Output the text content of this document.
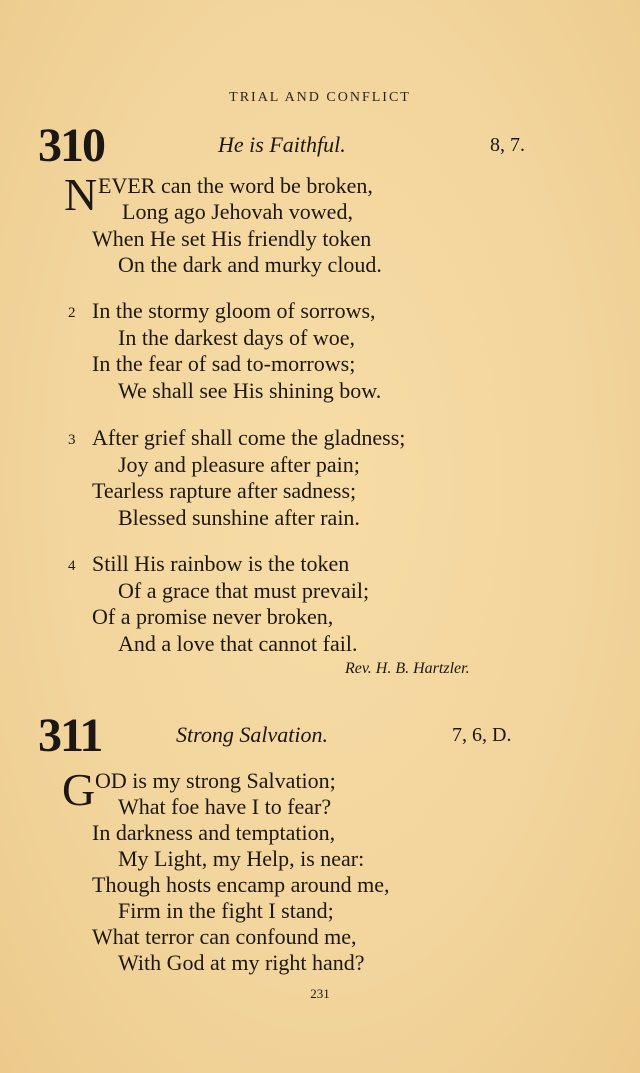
TRIAL AND CONFLICT
310	He is Faithful.	8, 7.
N EVER can the word be broken,
Long ago Jehovah vowed,
When He set His friendly token
On the dark and murky cloud.
2 In the stormy gloom of sorrows,
In the darkest days of woe,
In the fear of sad to-morrows;
We shall see His shining bow.
3 After grief shall come the gladness;
Joy and pleasure after pain;
Tearless rapture after sadness;
Blessed sunshine after rain.
4 Still His rainbow is the token
Of a grace that must prevail;
Of a promise never broken,
And a love that cannot fail.
Rev. H. B. Hartzler.
311	Strong Salvation.	7, 6, D.
G OD is my strong Salvation;
What foe have I to fear?
In darkness and temptation,
My Light, my Help, is near:
Though hosts encamp around me,
Firm in the fight I stand;
What terror can confound me,
With God at my right hand?
231
